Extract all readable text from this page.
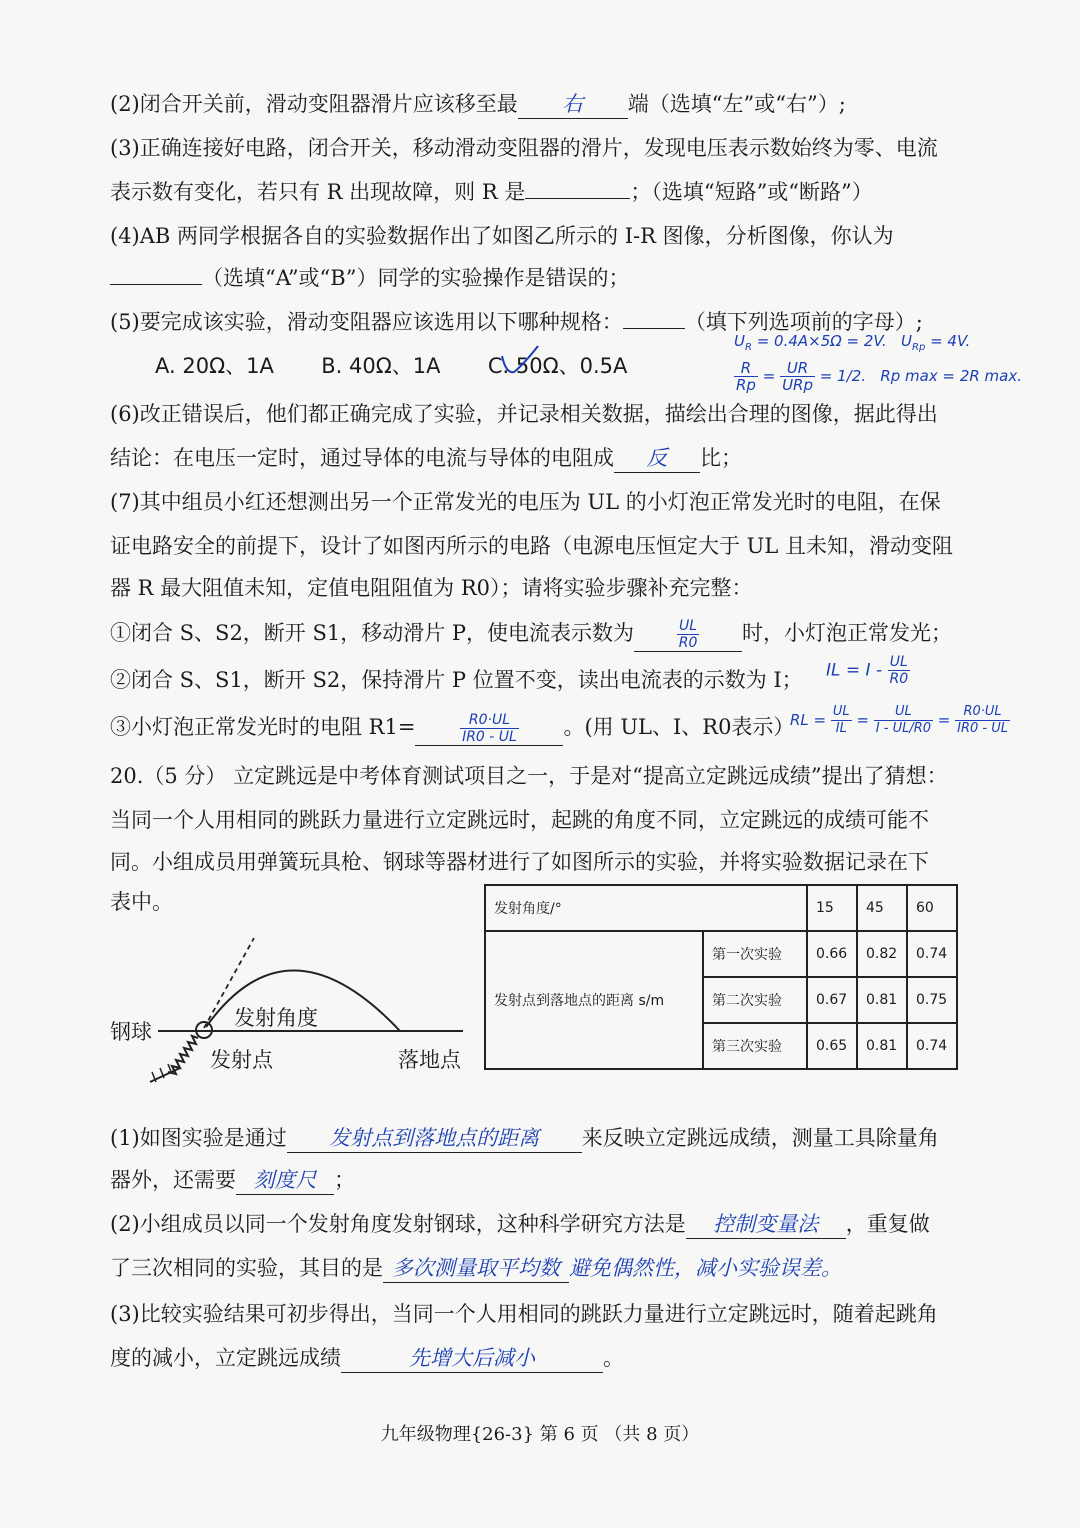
(2)闭合开关前，滑动变阻器滑片应该移至最 右 端（选填“左”或“右”）;
(3)正确连接好电路，闭合开关，移动滑动变阻器的滑片，发现电压表示数始终为零、电流
表示数有变化，若只有 R 出现故障，则 R 是	；（选填“短路”或“断路”）
(4)AB 两同学根据各自的实验数据作出了如图乙所示的 I-R 图像，分析图像，你认为
（选填“A”或“B”）同学的实验操作是错误的；
(5)要完成该实验，滑动变阻器应该选用以下哪种规格：	（填下列选项前的字母）;
A. 20Ω、1A B. 40Ω、1A C. 50Ω、0.5A
$U_R = 0.4A\times 5\Omega = 2V$. $U_{Rp} = 4V$.
$\frac{R}{Rp} = \frac{UR}{\text{URp}} = 1/2$. Rp max = 2R max.
(6)改正错误后，他们都正确完成了实验，并记录相关数据，描绘出合理的图像，据此得出
结论：在电压一定时，通过导体的电流与导体的电阻成 反 比；
(7)其中组员小红还想测出另一个正常发光的电压为 UL 的小灯泡正常发光时的电阻，在保
证电路安全的前提下，设计了如图丙所示的电路（电源电压恒定大于 UL 且未知，滑动变阻
器 R 最大阻值未知，定值电阻阻值为 R0）；请将实验步骤补充完整：
①闭合 S、S2，断开 S1，移动滑片 P，使电流表示数为	$\frac{UL}{R0}$ 时，小灯泡正常发光；
②闭合 S、S1，断开 S2，保持滑片 P 位置不变，读出电流表的示数为 I； IL = I - $\frac{UL}{R0}$
③小灯泡正常发光时的电阻 R1=	$\frac{R0\cdot UL}{IR0 - UL}$ 。(用 UL、I、R0表示）
RL = $\frac{UL}{IL} = \frac{UL}{I - UL/R0} = \frac{R0\cdot UL}{IR0 - UL}$
20.（5 分） 立定跳远是中考体育测试项目之一，于是对“提高立定跳远成绩”提出了猜想：
当同一个人用相同的跳跃力量进行立定跳远时，起跳的角度不同，立定跳远的成绩可能不
同。小组成员用弹簧玩具枪、钢球等器材进行了如图所示的实验，并将实验数据记录在下
表中。
钢球
发射角度
发射点	落地点
发射角度/°		15	45	60
发射点到落地点的距离 s/m	第一次实验	0.66	0.82	0.74
	第二次实验	0.67	0.81	0.75
	第三次实验	0.65	0.81	0.74
(1)如图实验是通过 发射点到落地点的距离 来反映立定跳远成绩，测量工具除量角
器外，还需要 刻度尺 ；
(2)小组成员以同一个发射角度发射钢球，这种科学研究方法是 控制变量法 ，重复做
了三次相同的实验，其目的是 多次测量取平均数 避免偶然性，减小实验误差。
(3)比较实验结果可初步得出，当同一个人用相同的跳跃力量进行立定跳远时，随着起跳角
度的减小，立定跳远成绩	先增大后减小	。
九年级物理{26-3} 第 6 页 （共 8 页）
